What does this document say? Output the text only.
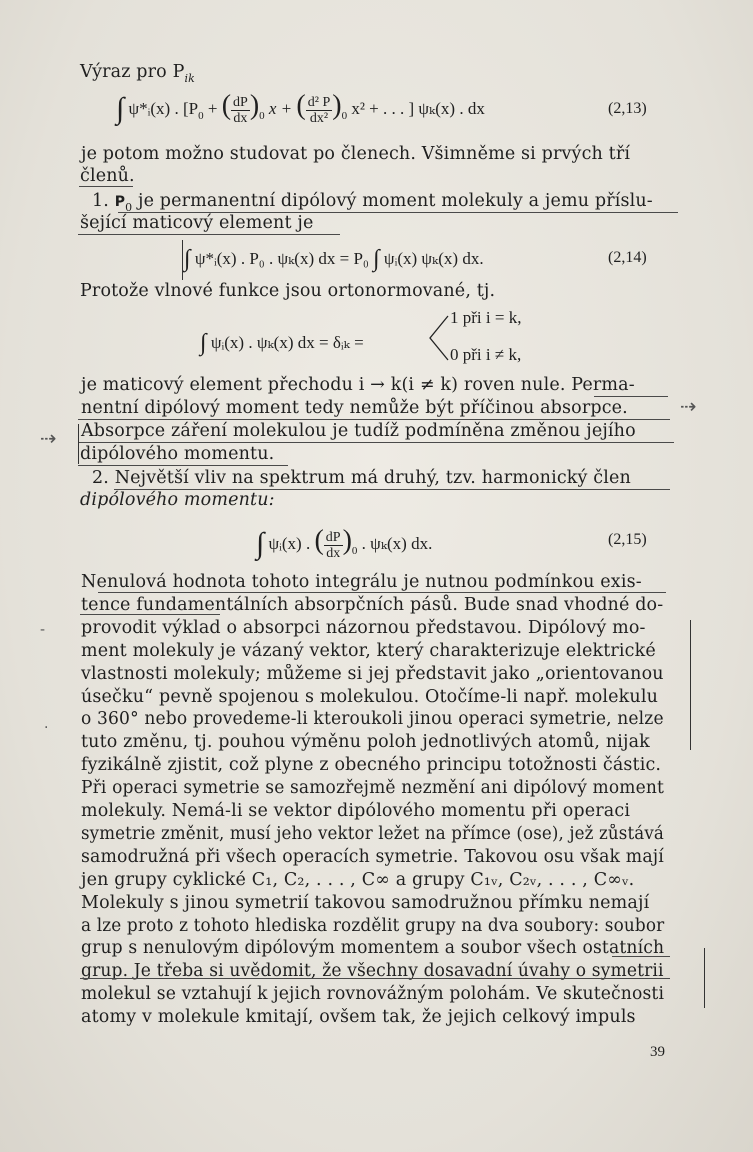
Výraz pro $P_{ik}$
∫ ψ*ᵢ(x) . [$P_0$ + ( $\frac{dP}{dx} )_0$ x + ( $\frac{\text{d² P}}{\text{dx²}} )_0$ x² + . . . ] ψₖ(x) . dx	(2,13)
je potom možno studovat po členech. Všimněme si prvých tří
členů.
1. $P_0$ je permanentní dipólový moment molekuly a jemu příslu-
šející maticový element je
∫ ψ*ᵢ(x) . P₀ . ψₖ(x) dx = P₀ ∫ ψᵢ(x) ψₖ(x) dx.	(2,14)
Protože vlnové funkce jsou ortonormované, tj.
∫ ψᵢ(x) . ψₖ(x) dx = δᵢₖ =
1 při i = k,
0 při i ≠ k,
je maticový element přechodu i → k(i ≠ k) roven nule. Perma-
nentní dipólový moment tedy nemůže být příčinou absorpce.
Absorpce záření molekulou je tudíž podmíněna změnou jejího
dipólového momentu.
⇢
⇢
2. Největší vliv na spektrum má druhý, tzv. harmonický člen
dipólového momentu:
∫ ψᵢ(x) . ( $\frac{dP}{dx} )_0$ . ψₖ(x) dx.	(2,15)
Nenulová hodnota tohoto integrálu je nutnou podmínkou exis-
tence fundamentálních absorpčních pásů. Bude snad vhodné do-
provodit výklad o absorpci názornou představou. Dipólový mo-
ment molekuly je vázaný vektor, který charakterizuje elektrické
vlastnosti molekuly; můžeme si jej představit jako „orientovanou
úsečku“ pevně spojenou s molekulou. Otočíme-li např. molekulu
o 360° nebo provedeme-li kteroukoli jinou operaci symetrie, nelze
tuto změnu, tj. pouhou výměnu poloh jednotlivých atomů, nijak
fyzikálně zjistit, což plyne z obecného principu totožnosti částic.
Při operaci symetrie se samozřejmě nezmění ani dipólový moment
molekuly. Nemá-li se vektor dipólového momentu při operaci
symetrie změnit, musí jeho vektor ležet na přímce (ose), jež zůstává
samodružná při všech operacích symetrie. Takovou osu však mají
jen grupy cyklické C₁, C₂, . . . , C∞ a grupy C₁ᵥ, C₂ᵥ, . . . , C∞ᵥ.
Molekuly s jinou symetrií takovou samodružnou přímku nemají
a lze proto z tohoto hlediska rozdělit grupy na dva soubory: soubor
grup s nenulovým dipólovým momentem a soubor všech ostatních
grup. Je třeba si uvědomit, že všechny dosavadní úvahy o symetrii
molekul se vztahují k jejich rovnovážným polohám. Ve skutečnosti
atomy v molekule kmitají, ovšem tak, že jejich celkový impuls
-
·
39
